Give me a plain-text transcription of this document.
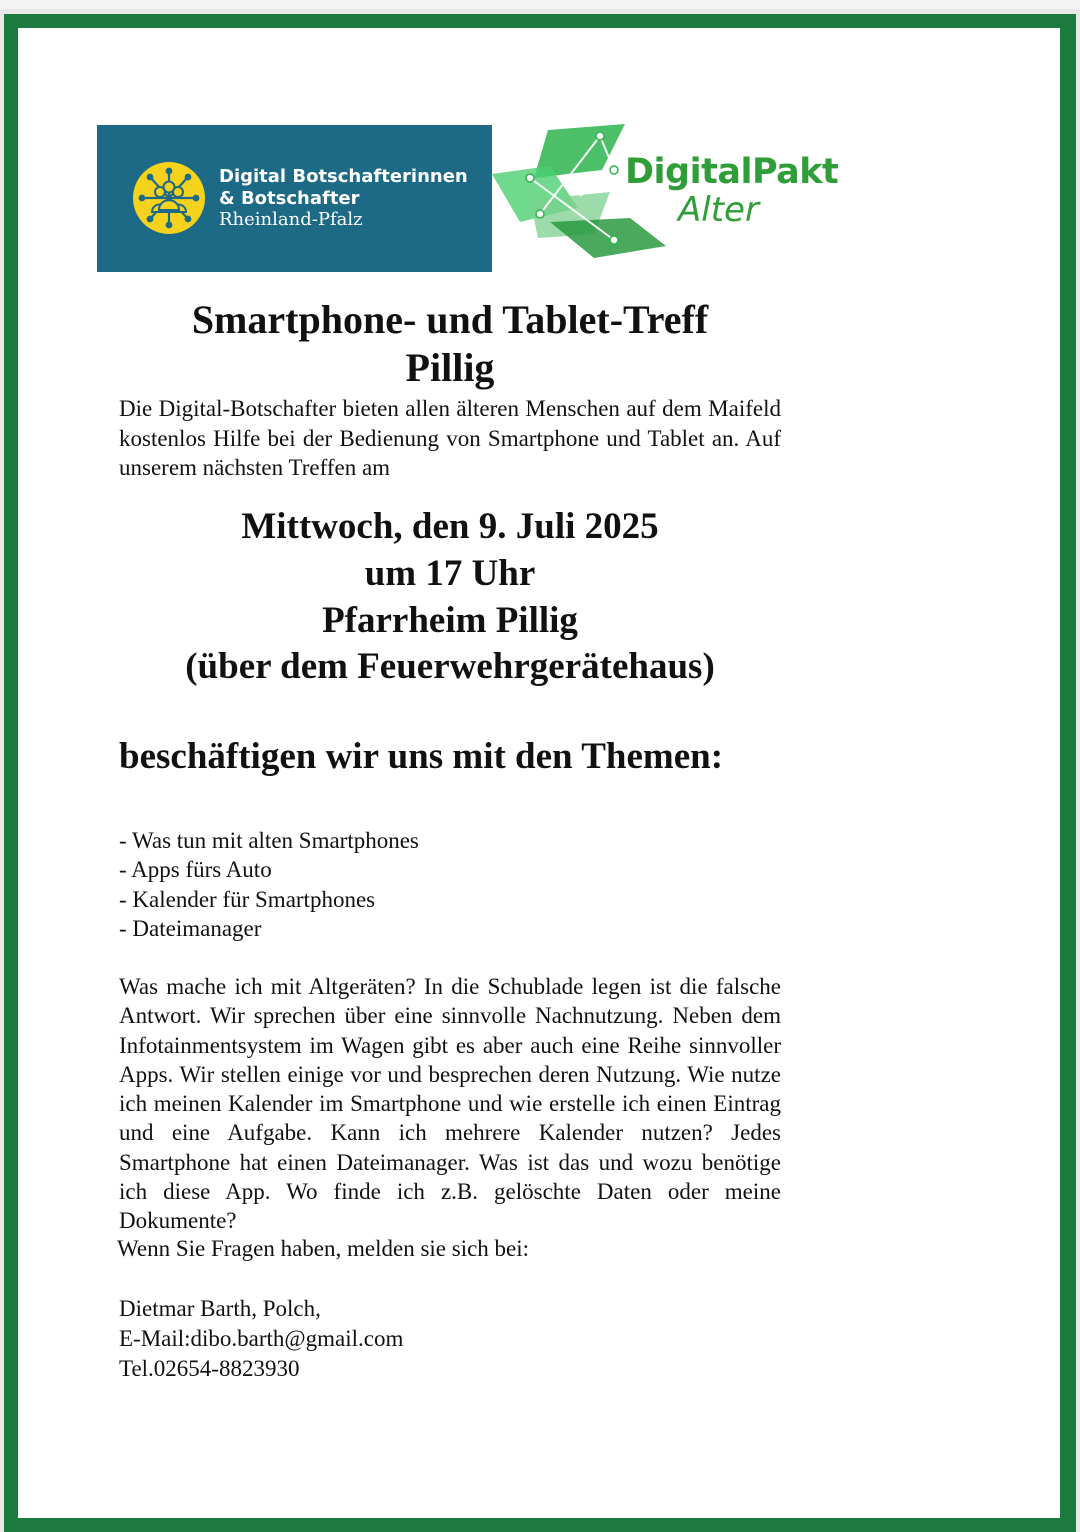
Digital Botschafterinnen
& Botschafter
Rheinland-Pfalz
DigitalPakt
Alter
Smartphone- und Tablet-Treff
Pillig
Die Digital-Botschafter bieten allen älteren Menschen auf dem Maifeld kostenlos Hilfe bei der Bedienung von Smartphone und Tablet an. Auf unserem nächsten Treffen am
Mittwoch, den 9. Juli 2025
um 17 Uhr
Pfarrheim Pillig
(über dem Feuerwehrgerätehaus)
beschäftigen wir uns mit den Themen:
- Was tun mit alten Smartphones
- Apps fürs Auto
- Kalender für Smartphones
- Dateimanager
Was mache ich mit Altgeräten? In die Schublade legen ist die falsche Antwort. Wir sprechen über eine sinnvolle Nachnutzung. Neben dem Infotainmentsystem im Wagen gibt es aber auch eine Reihe sinnvoller Apps. Wir stellen einige vor und besprechen deren Nutzung. Wie nutze ich meinen Kalender im Smartphone und wie erstelle ich einen Eintrag und eine Aufgabe. Kann ich mehrere Kalender nutzen? Jedes Smartphone hat einen Dateimanager. Was ist das und wozu benötige ich diese App. Wo finde ich z.B. gelöschte Daten oder meine Dokumente?
Wenn Sie Fragen haben, melden sie sich bei:
Dietmar Barth, Polch,
E-Mail:dibo.barth@gmail.com
Tel.02654-8823930
